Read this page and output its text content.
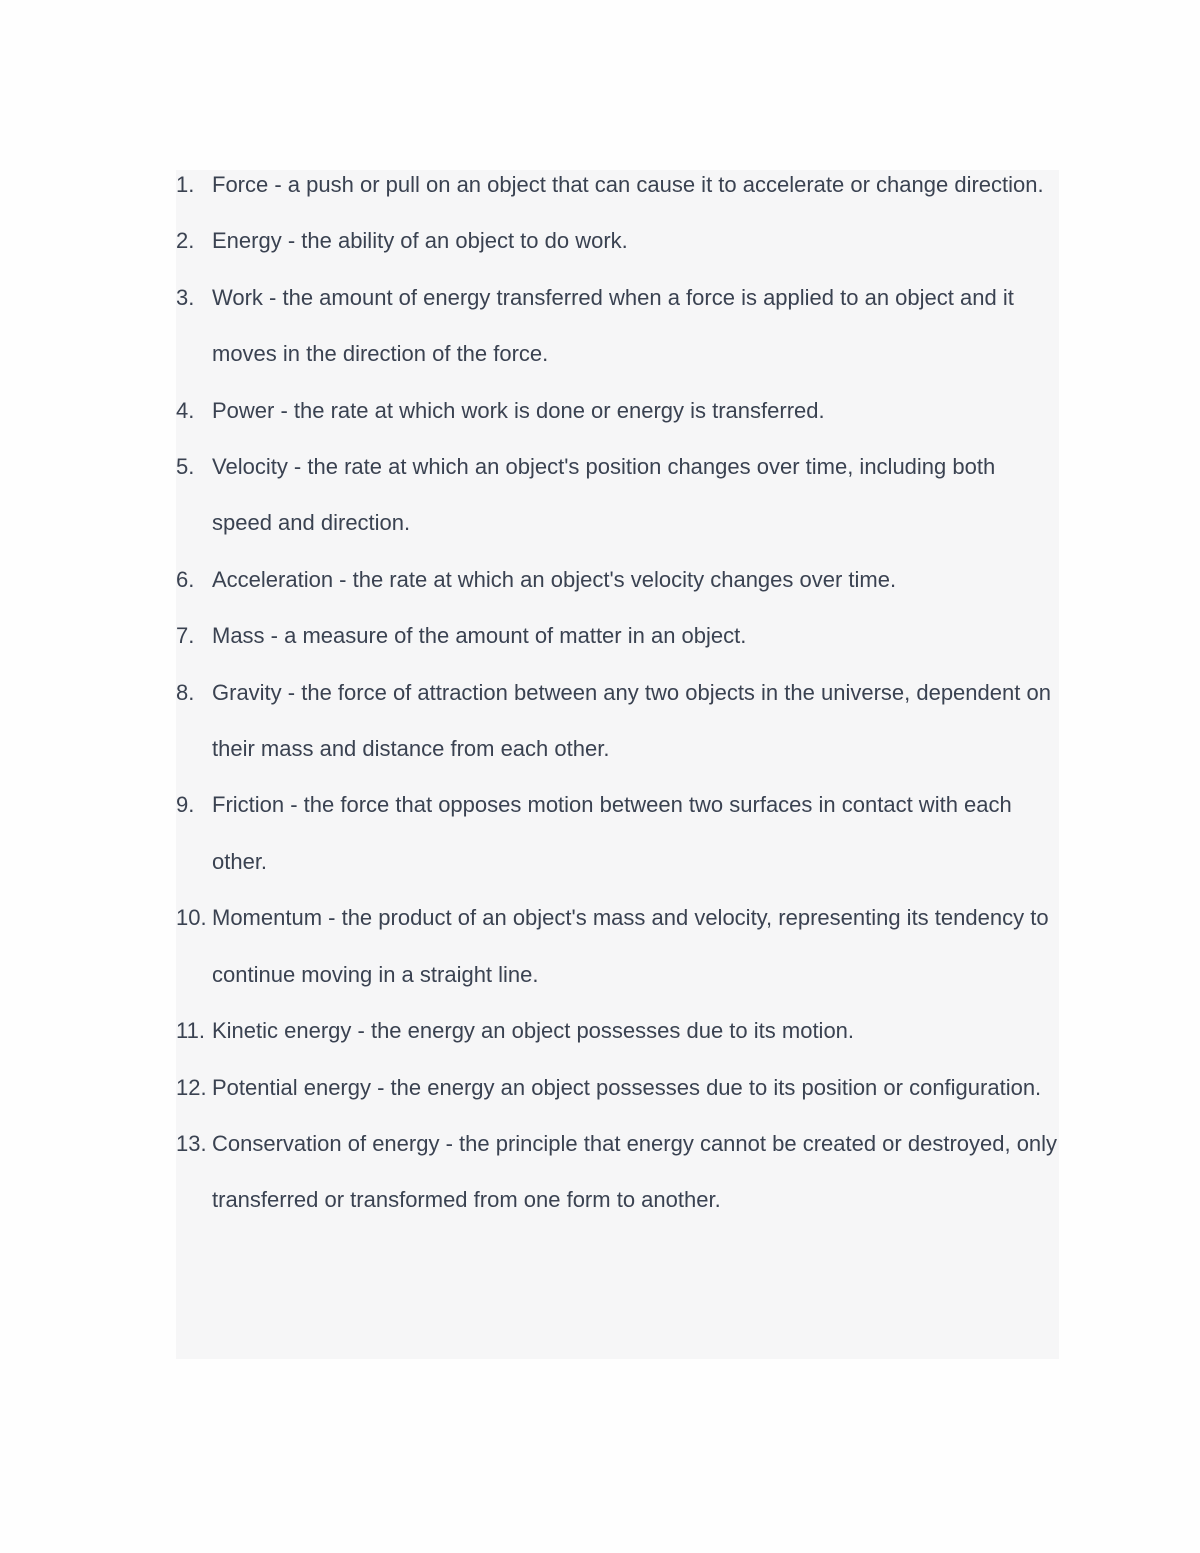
1. Force - a push or pull on an object that can cause it to accelerate or change direction.
2. Energy - the ability of an object to do work.
3. Work - the amount of energy transferred when a force is applied to an object and it moves in the direction of the force.
4. Power - the rate at which work is done or energy is transferred.
5. Velocity - the rate at which an object's position changes over time, including both speed and direction.
6. Acceleration - the rate at which an object's velocity changes over time.
7. Mass - a measure of the amount of matter in an object.
8. Gravity - the force of attraction between any two objects in the universe, dependent on their mass and distance from each other.
9. Friction - the force that opposes motion between two surfaces in contact with each other.
10. Momentum - the product of an object's mass and velocity, representing its tendency to continue moving in a straight line.
11. Kinetic energy - the energy an object possesses due to its motion.
12. Potential energy - the energy an object possesses due to its position or configuration.
13. Conservation of energy - the principle that energy cannot be created or destroyed, only transferred or transformed from one form to another.
